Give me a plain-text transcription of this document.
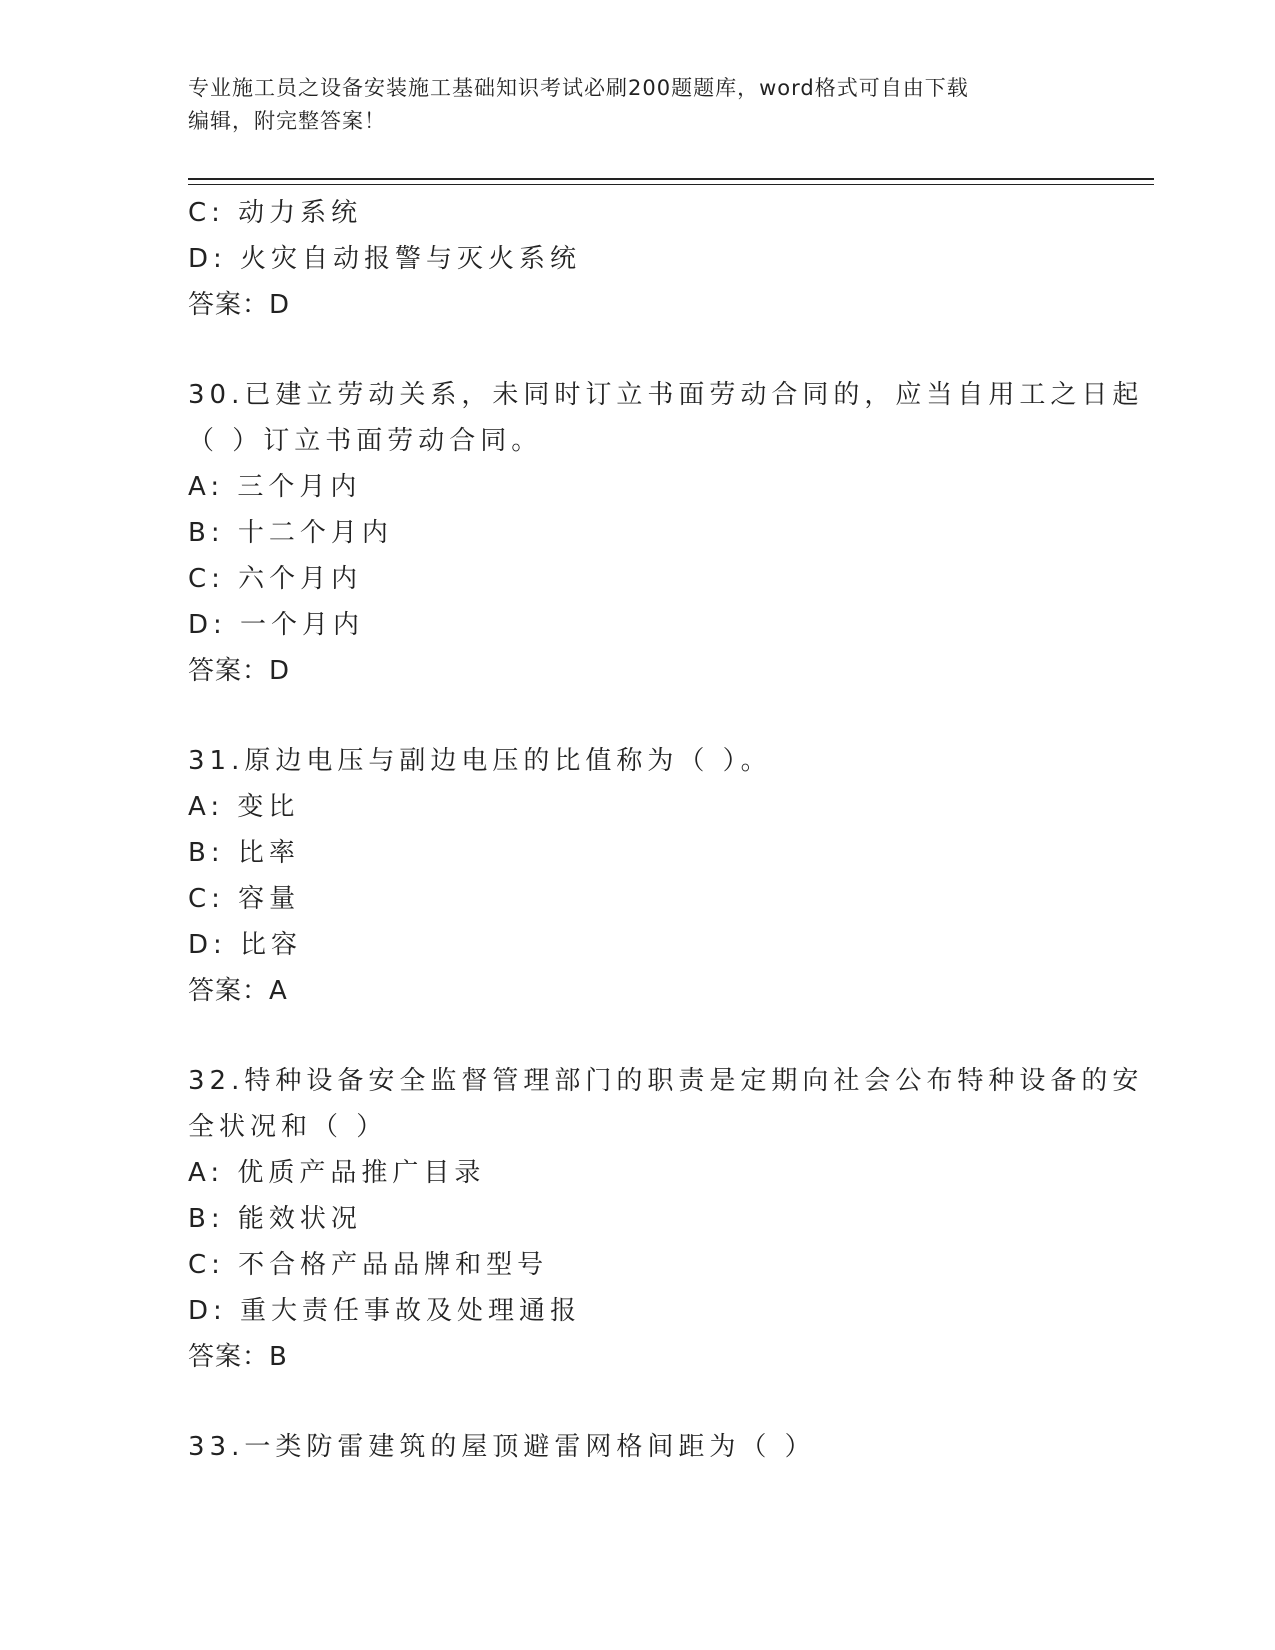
专业施工员之设备安装施工基础知识考试必刷200题题库，word格式可自由下载
编辑，附完整答案！

C: 动力系统

D: 火灾自动报警与灭火系统

答案：D

30.已建立劳动关系，未同时订立书面劳动合同的，应当自用工之日起

（ ）订立书面劳动合同。

A: 三个月内

B: 十二个月内

C: 六个月内

D: 一个月内

答案：D

31.原边电压与副边电压的比值称为（ ）。

A: 变比

B: 比率

C: 容量

D: 比容

答案：A

32.特种设备安全监督管理部门的职责是定期向社会公布特种设备的安

全状况和（ ）

A: 优质产品推广目录

B: 能效状况

C: 不合格产品品牌和型号

D: 重大责任事故及处理通报

答案：B

33.一类防雷建筑的屋顶避雷网格间距为（ ）
